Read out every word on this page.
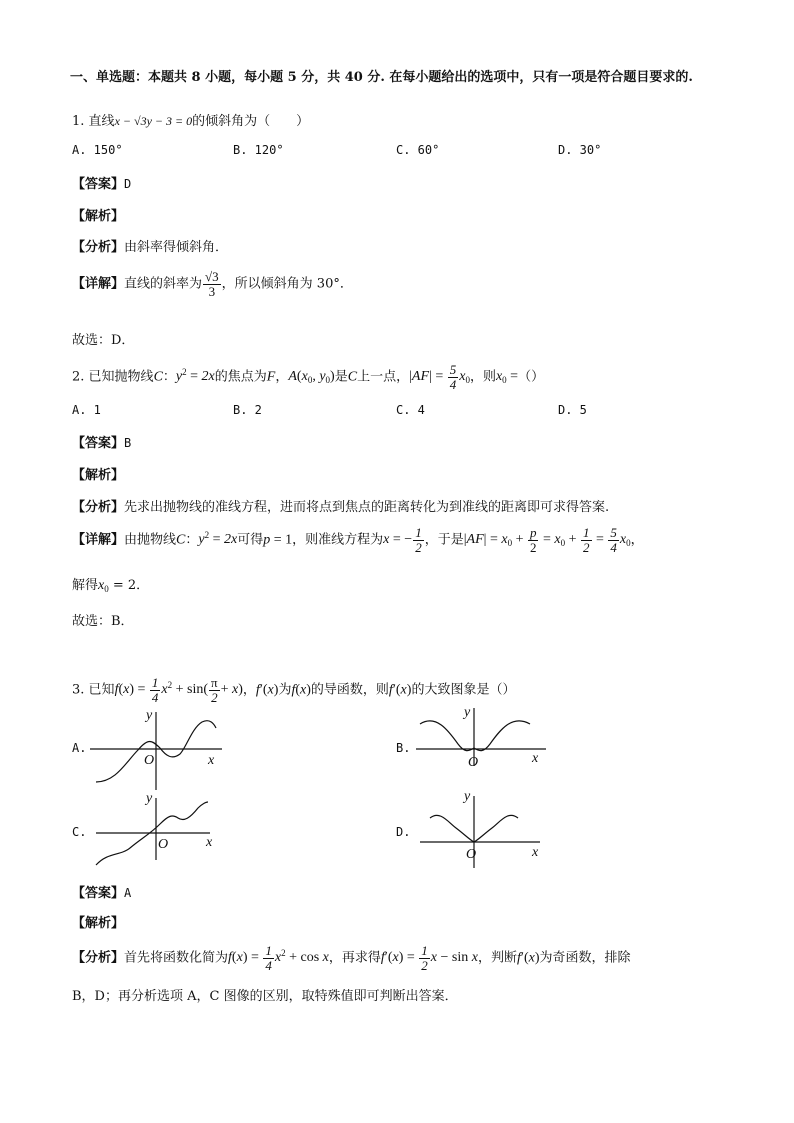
一、单选题：本题共 8 小题，每小题 5 分，共 40 分. 在每小题给出的选项中，只有一项是符合题目要求的.
1. 直线x − √3y − 3 = 0的倾斜角为（　　）
A. 150°	B. 120°	C. 60°	D. 30°
【答案】D
【解析】
【分析】由斜率得倾斜角．
【详解】直线的斜率为 $\frac{√3}{3}$ ，所以倾斜角为 30°．
故选：D．
2. 已知抛物线C：$y^2 = 2x$的焦点为F，$A(x_0$, $y_0$)是C上一点，$|AF| = \frac{5}{4} x_0$，则$x_0$ =（）
A. 1	B. 2	C. 4	D. 5
【答案】B
【解析】
【分析】先求出抛物线的准线方程，进而将点到焦点的距离转化为到准线的距离即可求得答案.
【详解】由抛物线C：$y^2 = 2x$可得p = 1，则准线方程为x = − $\frac{1}{2}$ ，于是$|AF| = x_0 + \frac{p}{2} = x_0 + \frac{1}{2} = \frac{5}{4} x_0$，
解得$x_0 = 2$．
故选：B．
3. 已知$f(x) = \frac{1}{4} x^2 + \sin( \frac{\pi}{2} + x)$，f′(x)为f(x)的导函数，则f′(x)的大致图象是（）
A.
y
x
O
B.
y
x
O
C.
y
x
O
D.
y
x
O
【答案】A
【解析】
【分析】首先将函数化简为$f(x) = \frac{1}{4} x^2 + \cos x$，再求得$f'(x) = \frac{1}{2}$ x − sin x，判断f′(x)为奇函数，排除
B，D；再分析选项 A，C 图像的区别，取特殊值即可判断出答案．
